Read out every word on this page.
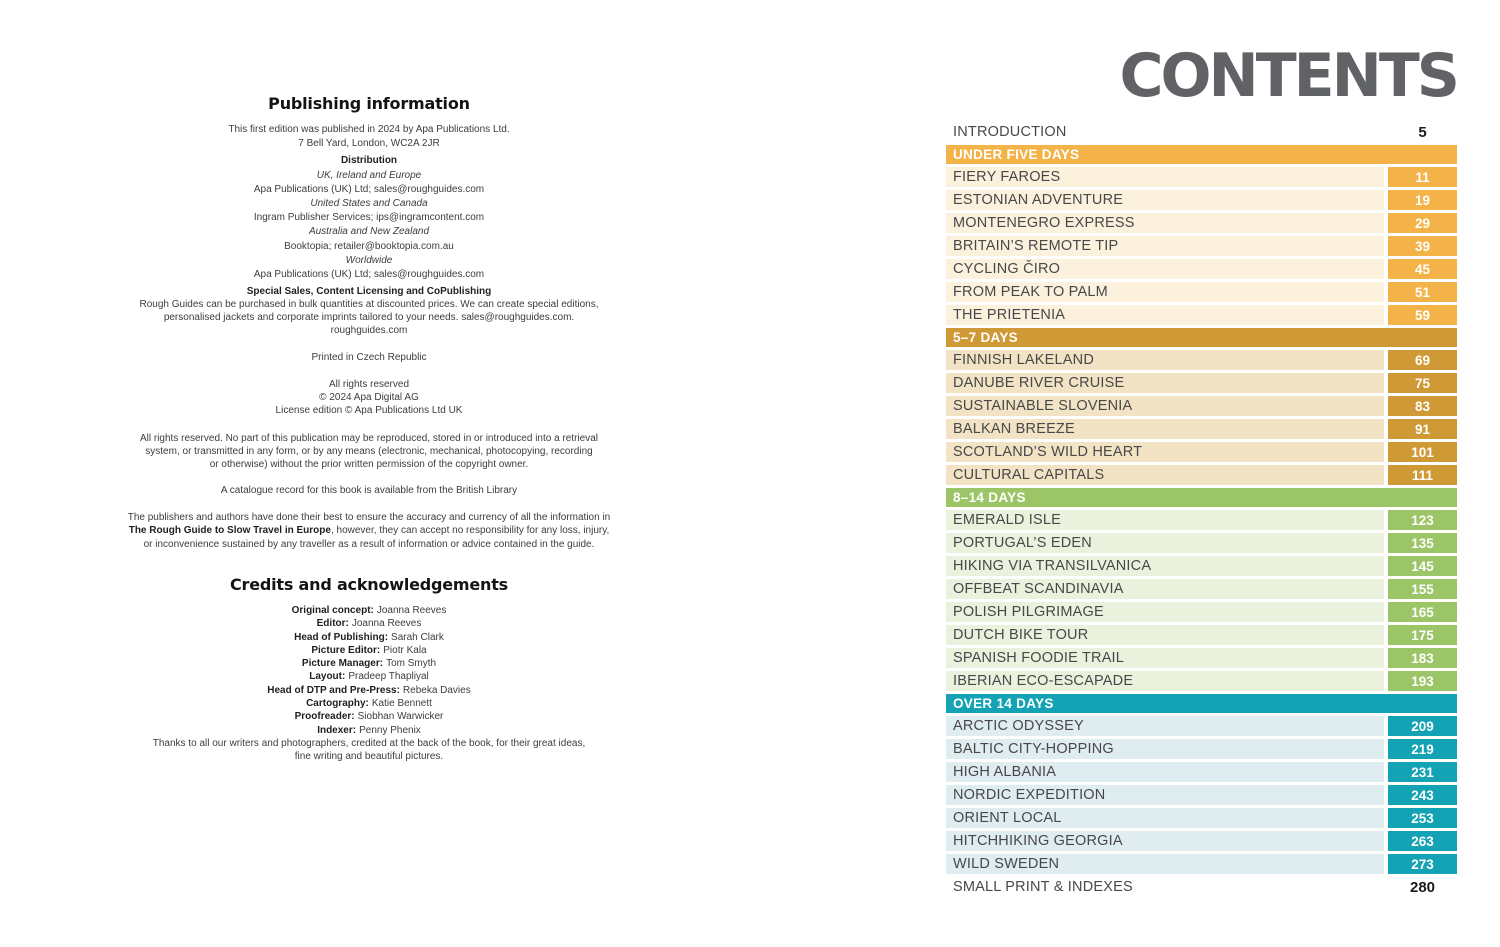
Publishing information
This first edition was published in 2024 by Apa Publications Ltd.
7 Bell Yard, London, WC2A 2JR
Distribution
UK, Ireland and Europe
Apa Publications (UK) Ltd; sales@roughguides.com
United States and Canada
Ingram Publisher Services; ips@ingramcontent.com
Australia and New Zealand
Booktopia; retailer@booktopia.com.au
Worldwide
Apa Publications (UK) Ltd; sales@roughguides.com
Special Sales, Content Licensing and CoPublishing
Rough Guides can be purchased in bulk quantities at discounted prices. We can create special editions,
personalised jackets and corporate imprints tailored to your needs. sales@roughguides.com.
roughguides.com
Printed in Czech Republic
All rights reserved
© 2024 Apa Digital AG
License edition © Apa Publications Ltd UK
All rights reserved. No part of this publication may be reproduced, stored in or introduced into a retrieval
system, or transmitted in any form, or by any means (electronic, mechanical, photocopying, recording
or otherwise) without the prior written permission of the copyright owner.
A catalogue record for this book is available from the British Library
The publishers and authors have done their best to ensure the accuracy and currency of all the information in
The Rough Guide to Slow Travel in Europe, however, they can accept no responsibility for any loss, injury,
or inconvenience sustained by any traveller as a result of information or advice contained in the guide.
Credits and acknowledgements
Original concept: Joanna Reeves
Editor: Joanna Reeves
Head of Publishing: Sarah Clark
Picture Editor: Piotr Kala
Picture Manager: Tom Smyth
Layout: Pradeep Thapliyal
Head of DTP and Pre-Press: Rebeka Davies
Cartography: Katie Bennett
Proofreader: Siobhan Warwicker
Indexer: Penny Phenix
Thanks to all our writers and photographers, credited at the back of the book, for their great ideas,
fine writing and beautiful pictures.
CONTENTS
INTRODUCTION	5
UNDER FIVE DAYS
FIERY FAROES	11
ESTONIAN ADVENTURE	19
MONTENEGRO EXPRESS	29
BRITAIN’S REMOTE TIP	39
CYCLING ČIRO	45
FROM PEAK TO PALM	51
THE PRIETENIA	59
5–7 DAYS
FINNISH LAKELAND	69
DANUBE RIVER CRUISE	75
SUSTAINABLE SLOVENIA	83
BALKAN BREEZE	91
SCOTLAND’S WILD HEART	101
CULTURAL CAPITALS	111
8–14 DAYS
EMERALD ISLE	123
PORTUGAL’S EDEN	135
HIKING VIA TRANSILVANICA	145
OFFBEAT SCANDINAVIA	155
POLISH PILGRIMAGE	165
DUTCH BIKE TOUR	175
SPANISH FOODIE TRAIL	183
IBERIAN ECO-ESCAPADE	193
OVER 14 DAYS
ARCTIC ODYSSEY	209
BALTIC CITY-HOPPING	219
HIGH ALBANIA	231
NORDIC EXPEDITION	243
ORIENT LOCAL	253
HITCHHIKING GEORGIA	263
WILD SWEDEN	273
SMALL PRINT & INDEXES	280
